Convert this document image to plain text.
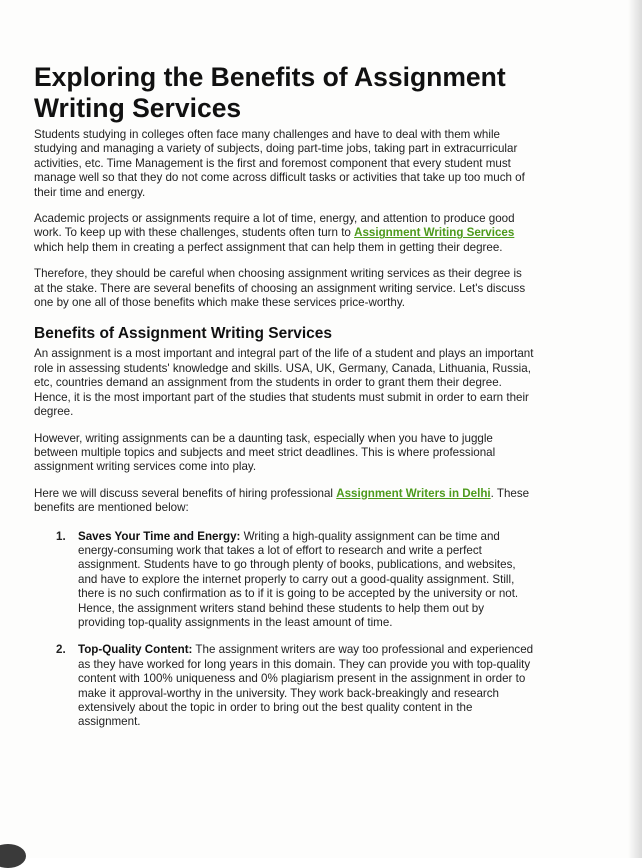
Exploring the Benefits of Assignment Writing Services

Students studying in colleges often face many challenges and have to deal with them while studying and managing a variety of subjects, doing part-time jobs, taking part in extracurricular activities, etc. Time Management is the first and foremost component that every student must manage well so that they do not come across difficult tasks or activities that take up too much of their time and energy.

Academic projects or assignments require a lot of time, energy, and attention to produce good work. To keep up with these challenges, students often turn to Assignment Writing Services which help them in creating a perfect assignment that can help them in getting their degree.

Therefore, they should be careful when choosing assignment writing services as their degree is at the stake. There are several benefits of choosing an assignment writing service. Let's discuss one by one all of those benefits which make these services price-worthy.

Benefits of Assignment Writing Services

An assignment is a most important and integral part of the life of a student and plays an important role in assessing students' knowledge and skills. USA, UK, Germany, Canada, Lithuania, Russia, etc, countries demand an assignment from the students in order to grant them their degree. Hence, it is the most important part of the studies that students must submit in order to earn their degree.

However, writing assignments can be a daunting task, especially when you have to juggle between multiple topics and subjects and meet strict deadlines. This is where professional assignment writing services come into play.

Here we will discuss several benefits of hiring professional Assignment Writers in Delhi. These benefits are mentioned below:

1. Saves Your Time and Energy: Writing a high-quality assignment can be time and energy-consuming work that takes a lot of effort to research and write a perfect assignment. Students have to go through plenty of books, publications, and websites, and have to explore the internet properly to carry out a good-quality assignment. Still, there is no such confirmation as to if it is going to be accepted by the university or not. Hence, the assignment writers stand behind these students to help them out by providing top-quality assignments in the least amount of time.
2. Top-Quality Content: The assignment writers are way too professional and experienced as they have worked for long years in this domain. They can provide you with top-quality content with 100% uniqueness and 0% plagiarism present in the assignment in order to make it approval-worthy in the university. They work back-breakingly and research extensively about the topic in order to bring out the best quality content in the assignment.
